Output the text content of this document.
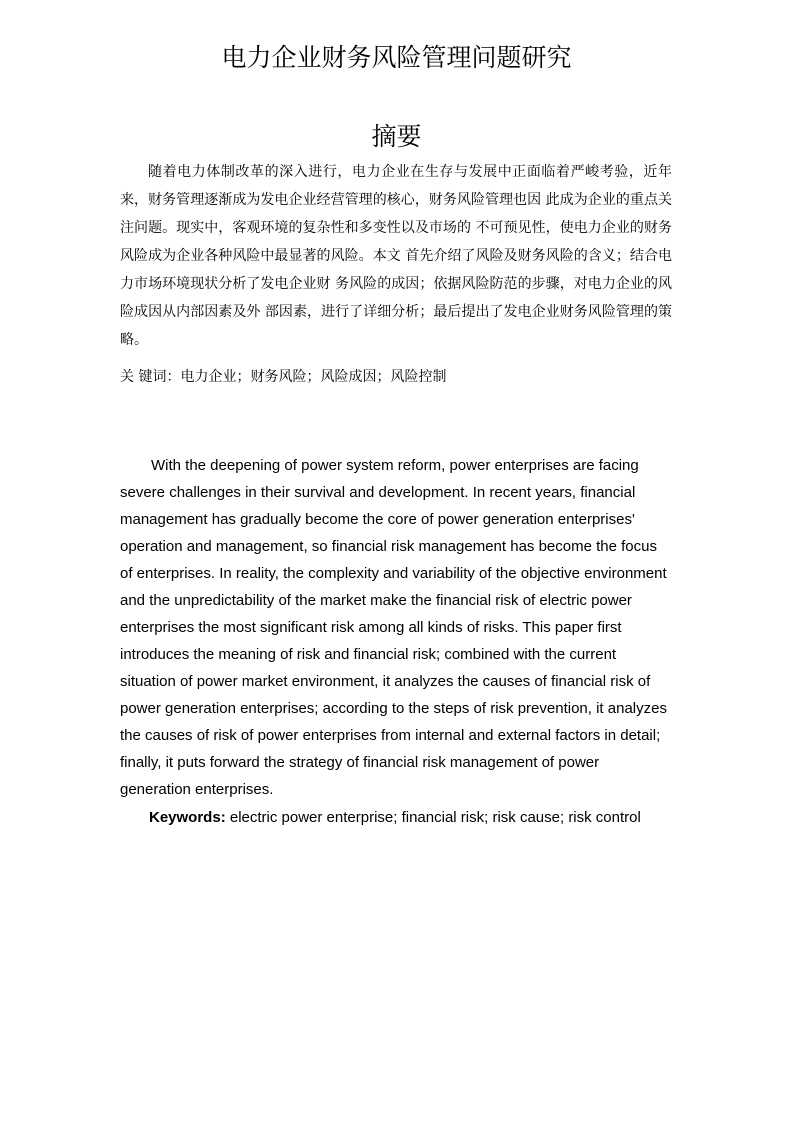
电力企业财务风险管理问题研究
摘要

随着电力体制改革的深入进行，电力企业在生存与发展中正面临着严峻考验，近年来，财务管理逐渐成为发电企业经营管理的核心，财务风险管理也因 此成为企业的重点关注问题。现实中，客观环境的复杂性和多变性以及市场的 不可预见性，使电力企业的财务风险成为企业各种风险中最显著的风险。本文 首先介绍了风险及财务风险的含义；结合电力市场环境现状分析了发电企业财 务风险的成因；依据风险防范的步骤，对电力企业的风险成因从内部因素及外 部因素，进行了详细分析；最后提出了发电企业财务风险管理的策略。

关 键词：电力企业；财务风险；风险成因；风险控制

With the deepening of power system reform, power enterprises are facing severe challenges in their survival and development. In recent years, financial management has gradually become the core of power generation enterprises' operation and management, so financial risk management has become the focus of enterprises. In reality, the complexity and variability of the objective environment and the unpredictability of the market make the financial risk of electric power enterprises the most significant risk among all kinds of risks. This paper first introduces the meaning of risk and financial risk; combined with the current situation of power market environment, it analyzes the causes of financial risk of power generation enterprises; according to the steps of risk prevention, it analyzes the causes of risk of power enterprises from internal and external factors in detail; finally, it puts forward the strategy of financial risk management of power generation enterprises.

Keywords: electric power enterprise; financial risk; risk cause; risk control
